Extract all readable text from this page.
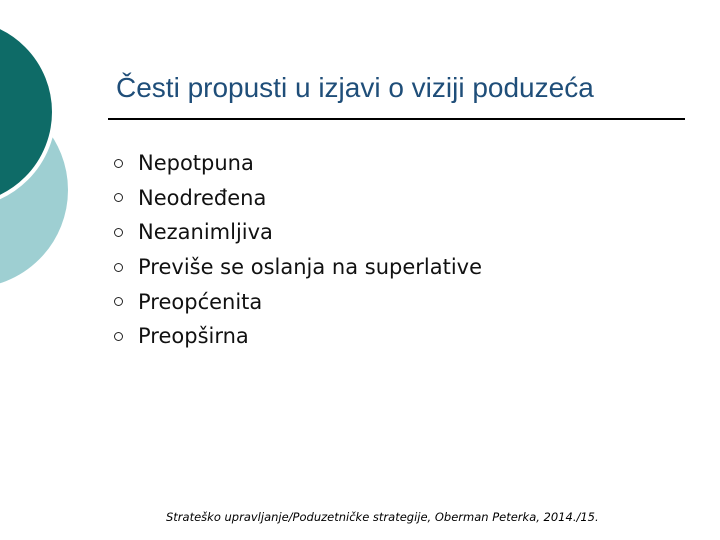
Česti propusti u izjavi o viziji poduzeća
Nepotpuna
Neodređena
Nezanimljiva
Previše se oslanja na superlative
Preopćenita
Preopširna
Strateško upravljanje/Poduzetničke strategije, Oberman Peterka, 2014./15.
